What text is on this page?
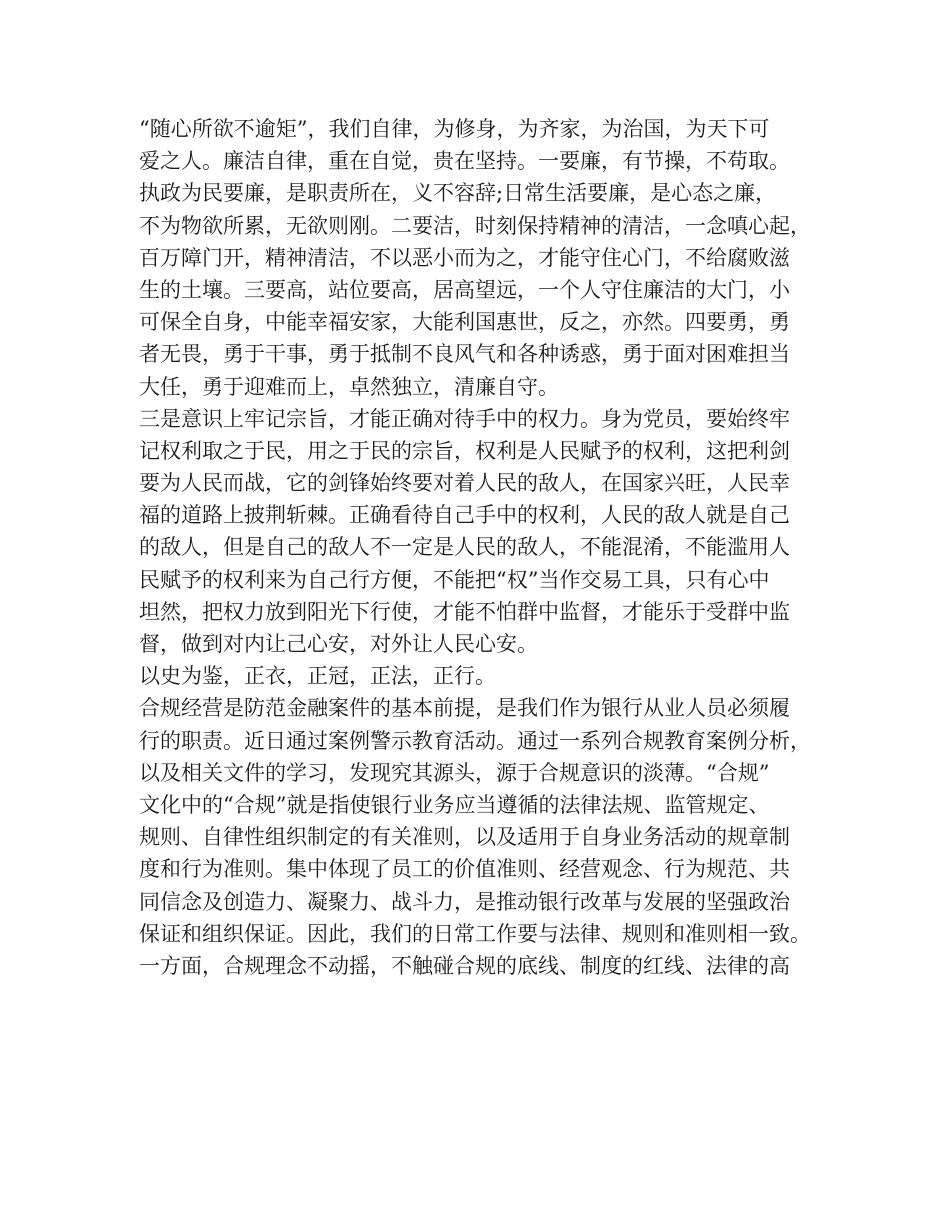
“随心所欲不逾矩”，我们自律，为修身，为齐家，为治国，为天下可
爱之人。廉洁自律，重在自觉，贵在坚持。一要廉，有节操，不苟取。
执政为民要廉，是职责所在，义不容辞;日常生活要廉，是心态之廉，
不为物欲所累，无欲则刚。二要洁，时刻保持精神的清洁，一念嗔心起，
百万障门开，精神清洁，不以恶小而为之，才能守住心门，不给腐败滋
生的土壤。三要高，站位要高，居高望远，一个人守住廉洁的大门，小
可保全自身，中能幸福安家，大能利国惠世，反之，亦然。四要勇，勇
者无畏，勇于干事，勇于抵制不良风气和各种诱惑，勇于面对困难担当
大任，勇于迎难而上，卓然独立，清廉自守。
三是意识上牢记宗旨，才能正确对待手中的权力。身为党员，要始终牢
记权利取之于民，用之于民的宗旨，权利是人民赋予的权利，这把利剑
要为人民而战，它的剑锋始终要对着人民的敌人，在国家兴旺，人民幸
福的道路上披荆斩棘。正确看待自己手中的权利，人民的敌人就是自己
的敌人，但是自己的敌人不一定是人民的敌人，不能混淆，不能滥用人
民赋予的权利来为自己行方便，不能把“权”当作交易工具，只有心中
坦然，把权力放到阳光下行使，才能不怕群中监督，才能乐于受群中监
督，做到对内让己心安，对外让人民心安。
以史为鉴，正衣，正冠，正法，正行。
合规经营是防范金融案件的基本前提，是我们作为银行从业人员必须履
行的职责。近日通过案例警示教育活动。通过一系列合规教育案例分析，
以及相关文件的学习，发现究其源头，源于合规意识的淡薄。“合规”
文化中的“合规”就是指使银行业务应当遵循的法律法规、监管规定、
规则、自律性组织制定的有关准则，以及适用于自身业务活动的规章制
度和行为准则。集中体现了员工的价值准则、经营观念、行为规范、共
同信念及创造力、凝聚力、战斗力，是推动银行改革与发展的坚强政治
保证和组织保证。因此，我们的日常工作要与法律、规则和准则相一致。
一方面，合规理念不动摇，不触碰合规的底线、制度的红线、法律的高
